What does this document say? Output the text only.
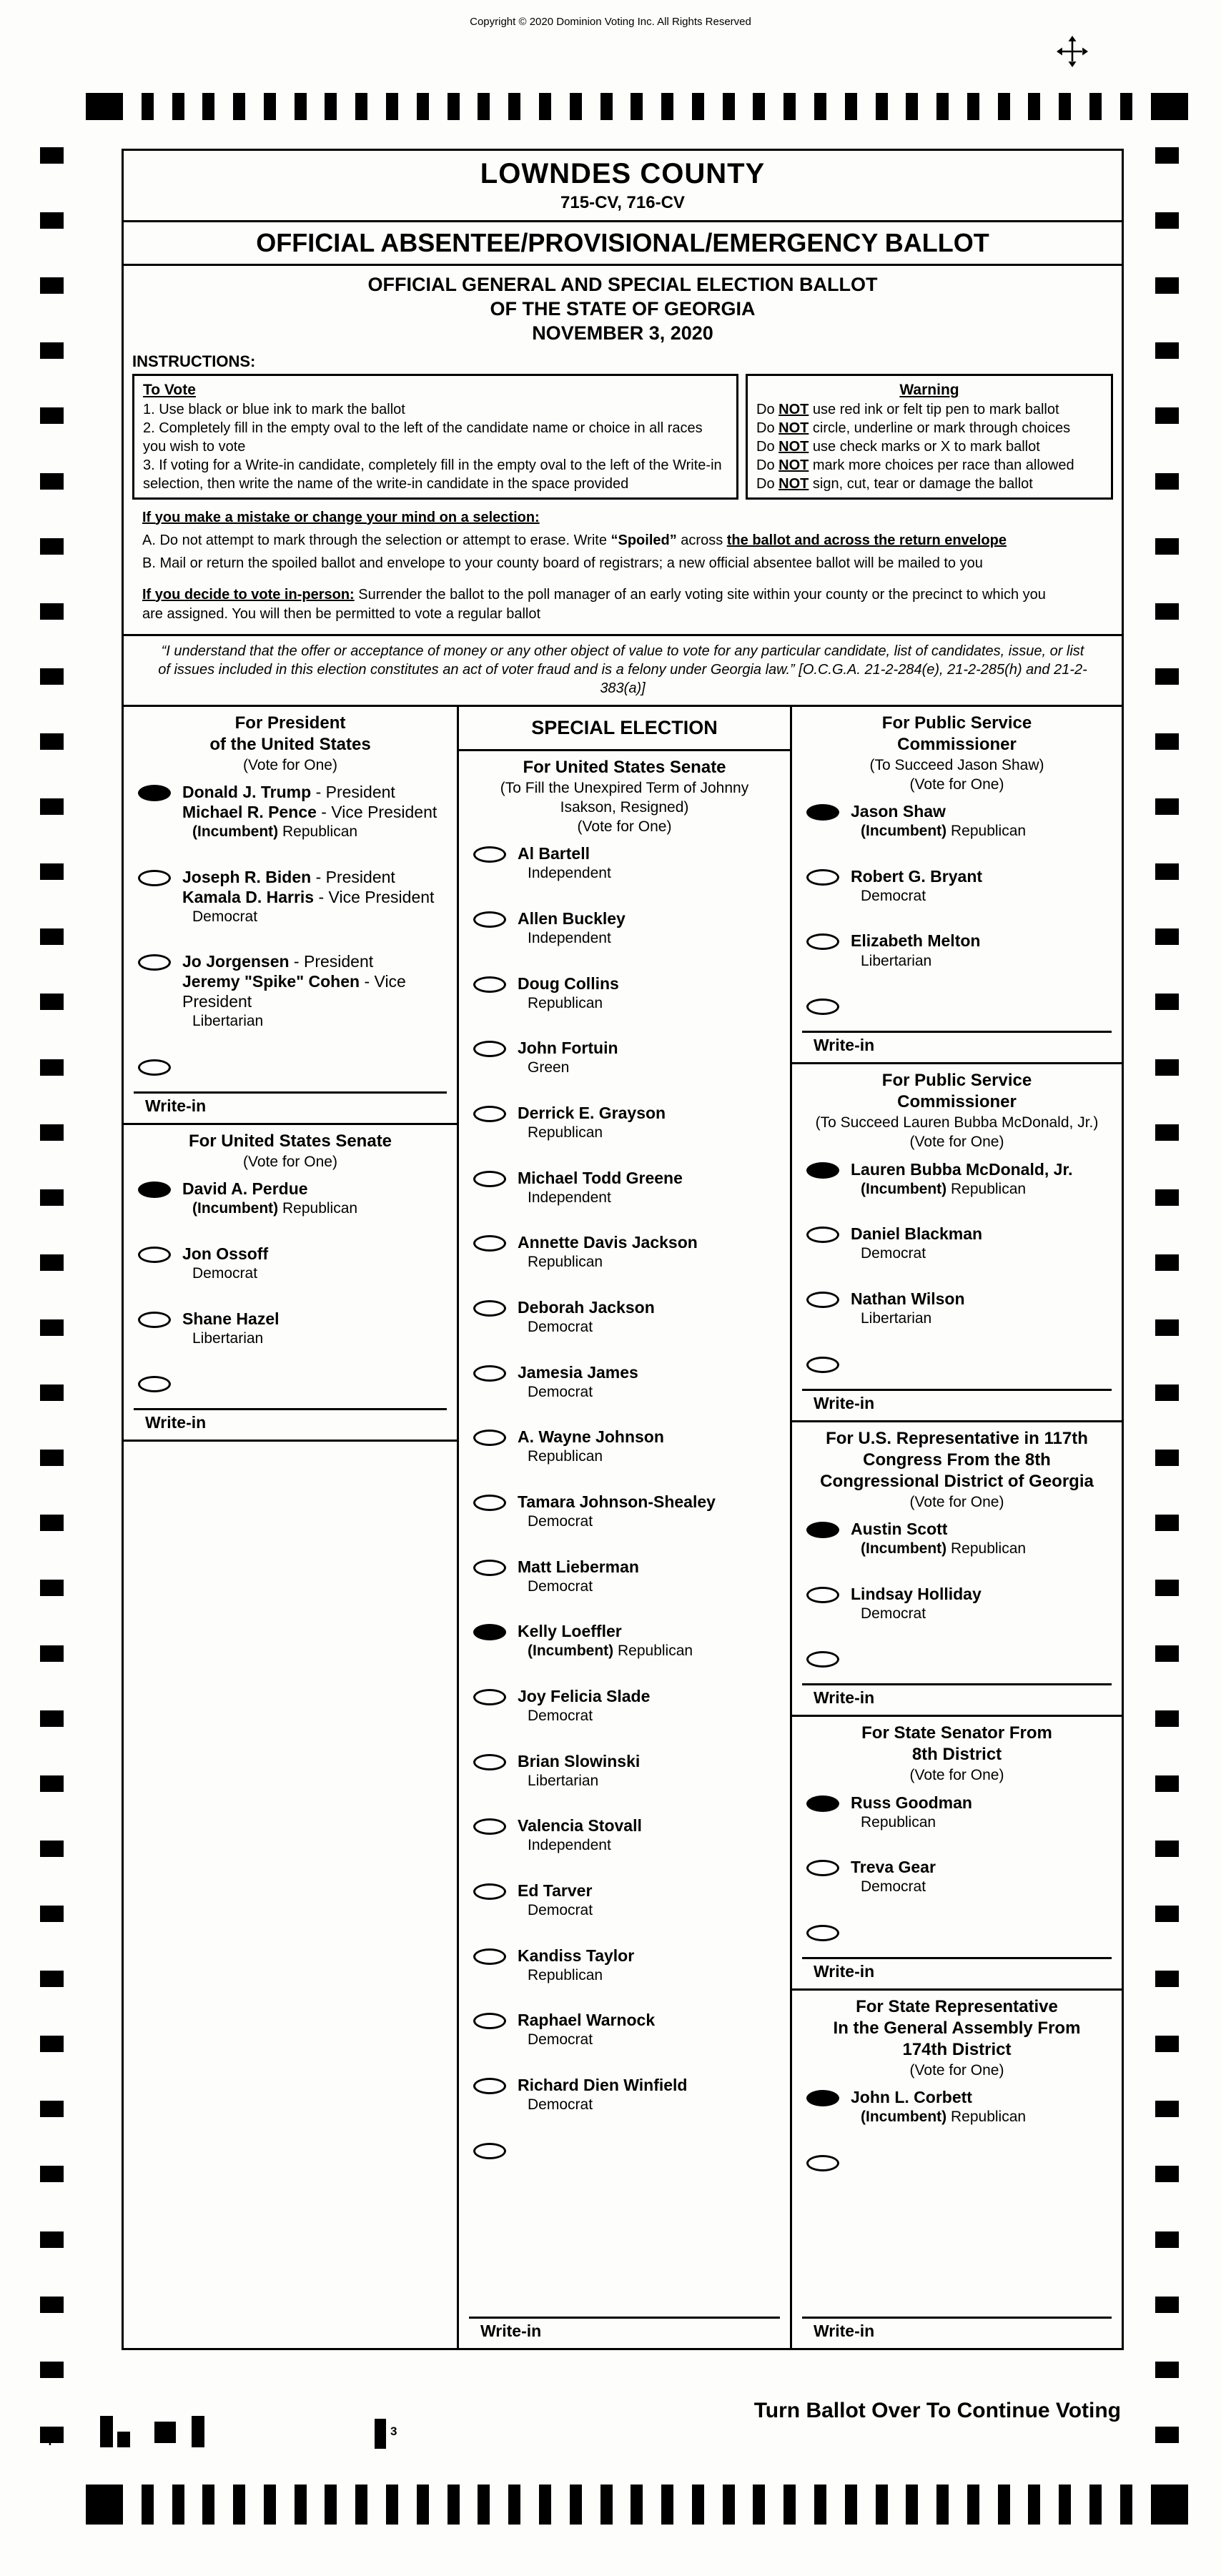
Copyright © 2020 Dominion Voting Inc. All Rights Reserved
LOWNDES COUNTY
715-CV, 716-CV
OFFICIAL ABSENTEE/PROVISIONAL/EMERGENCY BALLOT
OFFICIAL GENERAL AND SPECIAL ELECTION BALLOT
OF THE STATE OF GEORGIA
NOVEMBER 3, 2020
INSTRUCTIONS:
To Vote
1. Use black or blue ink to mark the ballot
2. Completely fill in the empty oval to the left of the candidate name or choice in all races you wish to vote
3. If voting for a Write-in candidate, completely fill in the empty oval to the left of the Write-in selection, then write the name of the write-in candidate in the space provided
Warning
Do NOT use red ink or felt tip pen to mark ballot
Do NOT circle, underline or mark through choices
Do NOT use check marks or X to mark ballot
Do NOT mark more choices per race than allowed
Do NOT sign, cut, tear or damage the ballot
If you make a mistake or change your mind on a selection:
A. Do not attempt to mark through the selection or attempt to erase. Write “Spoiled” across the ballot and across the return envelope
B. Mail or return the spoiled ballot and envelope to your county board of registrars; a new official absentee ballot will be mailed to you
If you decide to vote in-person: Surrender the ballot to the poll manager of an early voting site within your county or the precinct to which you are assigned. You will then be permitted to vote a regular ballot
“I understand that the offer or acceptance of money or any other object of value to vote for any particular candidate, list of candidates, issue, or list of issues included in this election constitutes an act of voter fraud and is a felony under Georgia law.” [O.C.G.A. 21-2-284(e), 21-2-285(h) and 21-2-383(a)]
For President
of the United States
(Vote for One)
Donald J. Trump - President
Michael R. Pence - Vice President
(Incumbent) Republican
Joseph R. Biden - President
Kamala D. Harris - Vice President
Democrat
Jo Jorgensen - President
Jeremy "Spike" Cohen - Vice President
Libertarian
Write-in
For United States Senate
(Vote for One)
David A. Perdue
(Incumbent) Republican
Jon Ossoff
Democrat
Shane Hazel
Libertarian
Write-in
SPECIAL ELECTION
For United States Senate
(To Fill the Unexpired Term of Johnny
Isakson, Resigned)
(Vote for One)
Al Bartell
Independent
Allen Buckley
Independent
Doug Collins
Republican
John Fortuin
Green
Derrick E. Grayson
Republican
Michael Todd Greene
Independent
Annette Davis Jackson
Republican
Deborah Jackson
Democrat
Jamesia James
Democrat
A. Wayne Johnson
Republican
Tamara Johnson-Shealey
Democrat
Matt Lieberman
Democrat
Kelly Loeffler
(Incumbent) Republican
Joy Felicia Slade
Democrat
Brian Slowinski
Libertarian
Valencia Stovall
Independent
Ed Tarver
Democrat
Kandiss Taylor
Republican
Raphael Warnock
Democrat
Richard Dien Winfield
Democrat
Write-in
For Public Service
Commissioner
(To Succeed Jason Shaw)
(Vote for One)
Jason Shaw
(Incumbent) Republican
Robert G. Bryant
Democrat
Elizabeth Melton
Libertarian
Write-in
For Public Service
Commissioner
(To Succeed Lauren Bubba McDonald, Jr.)
(Vote for One)
Lauren Bubba McDonald, Jr.
(Incumbent) Republican
Daniel Blackman
Democrat
Nathan Wilson
Libertarian
Write-in
For U.S. Representative in 117th
Congress From the 8th
Congressional District of Georgia
(Vote for One)
Austin Scott
(Incumbent) Republican
Lindsay Holliday
Democrat
Write-in
For State Senator From
8th District
(Vote for One)
Russ Goodman
Republican
Treva Gear
Democrat
Write-in
For State Representative
In the General Assembly From
174th District
(Vote for One)
John L. Corbett
(Incumbent) Republican
Write-in
Turn Ballot Over To Continue Voting
+	3
